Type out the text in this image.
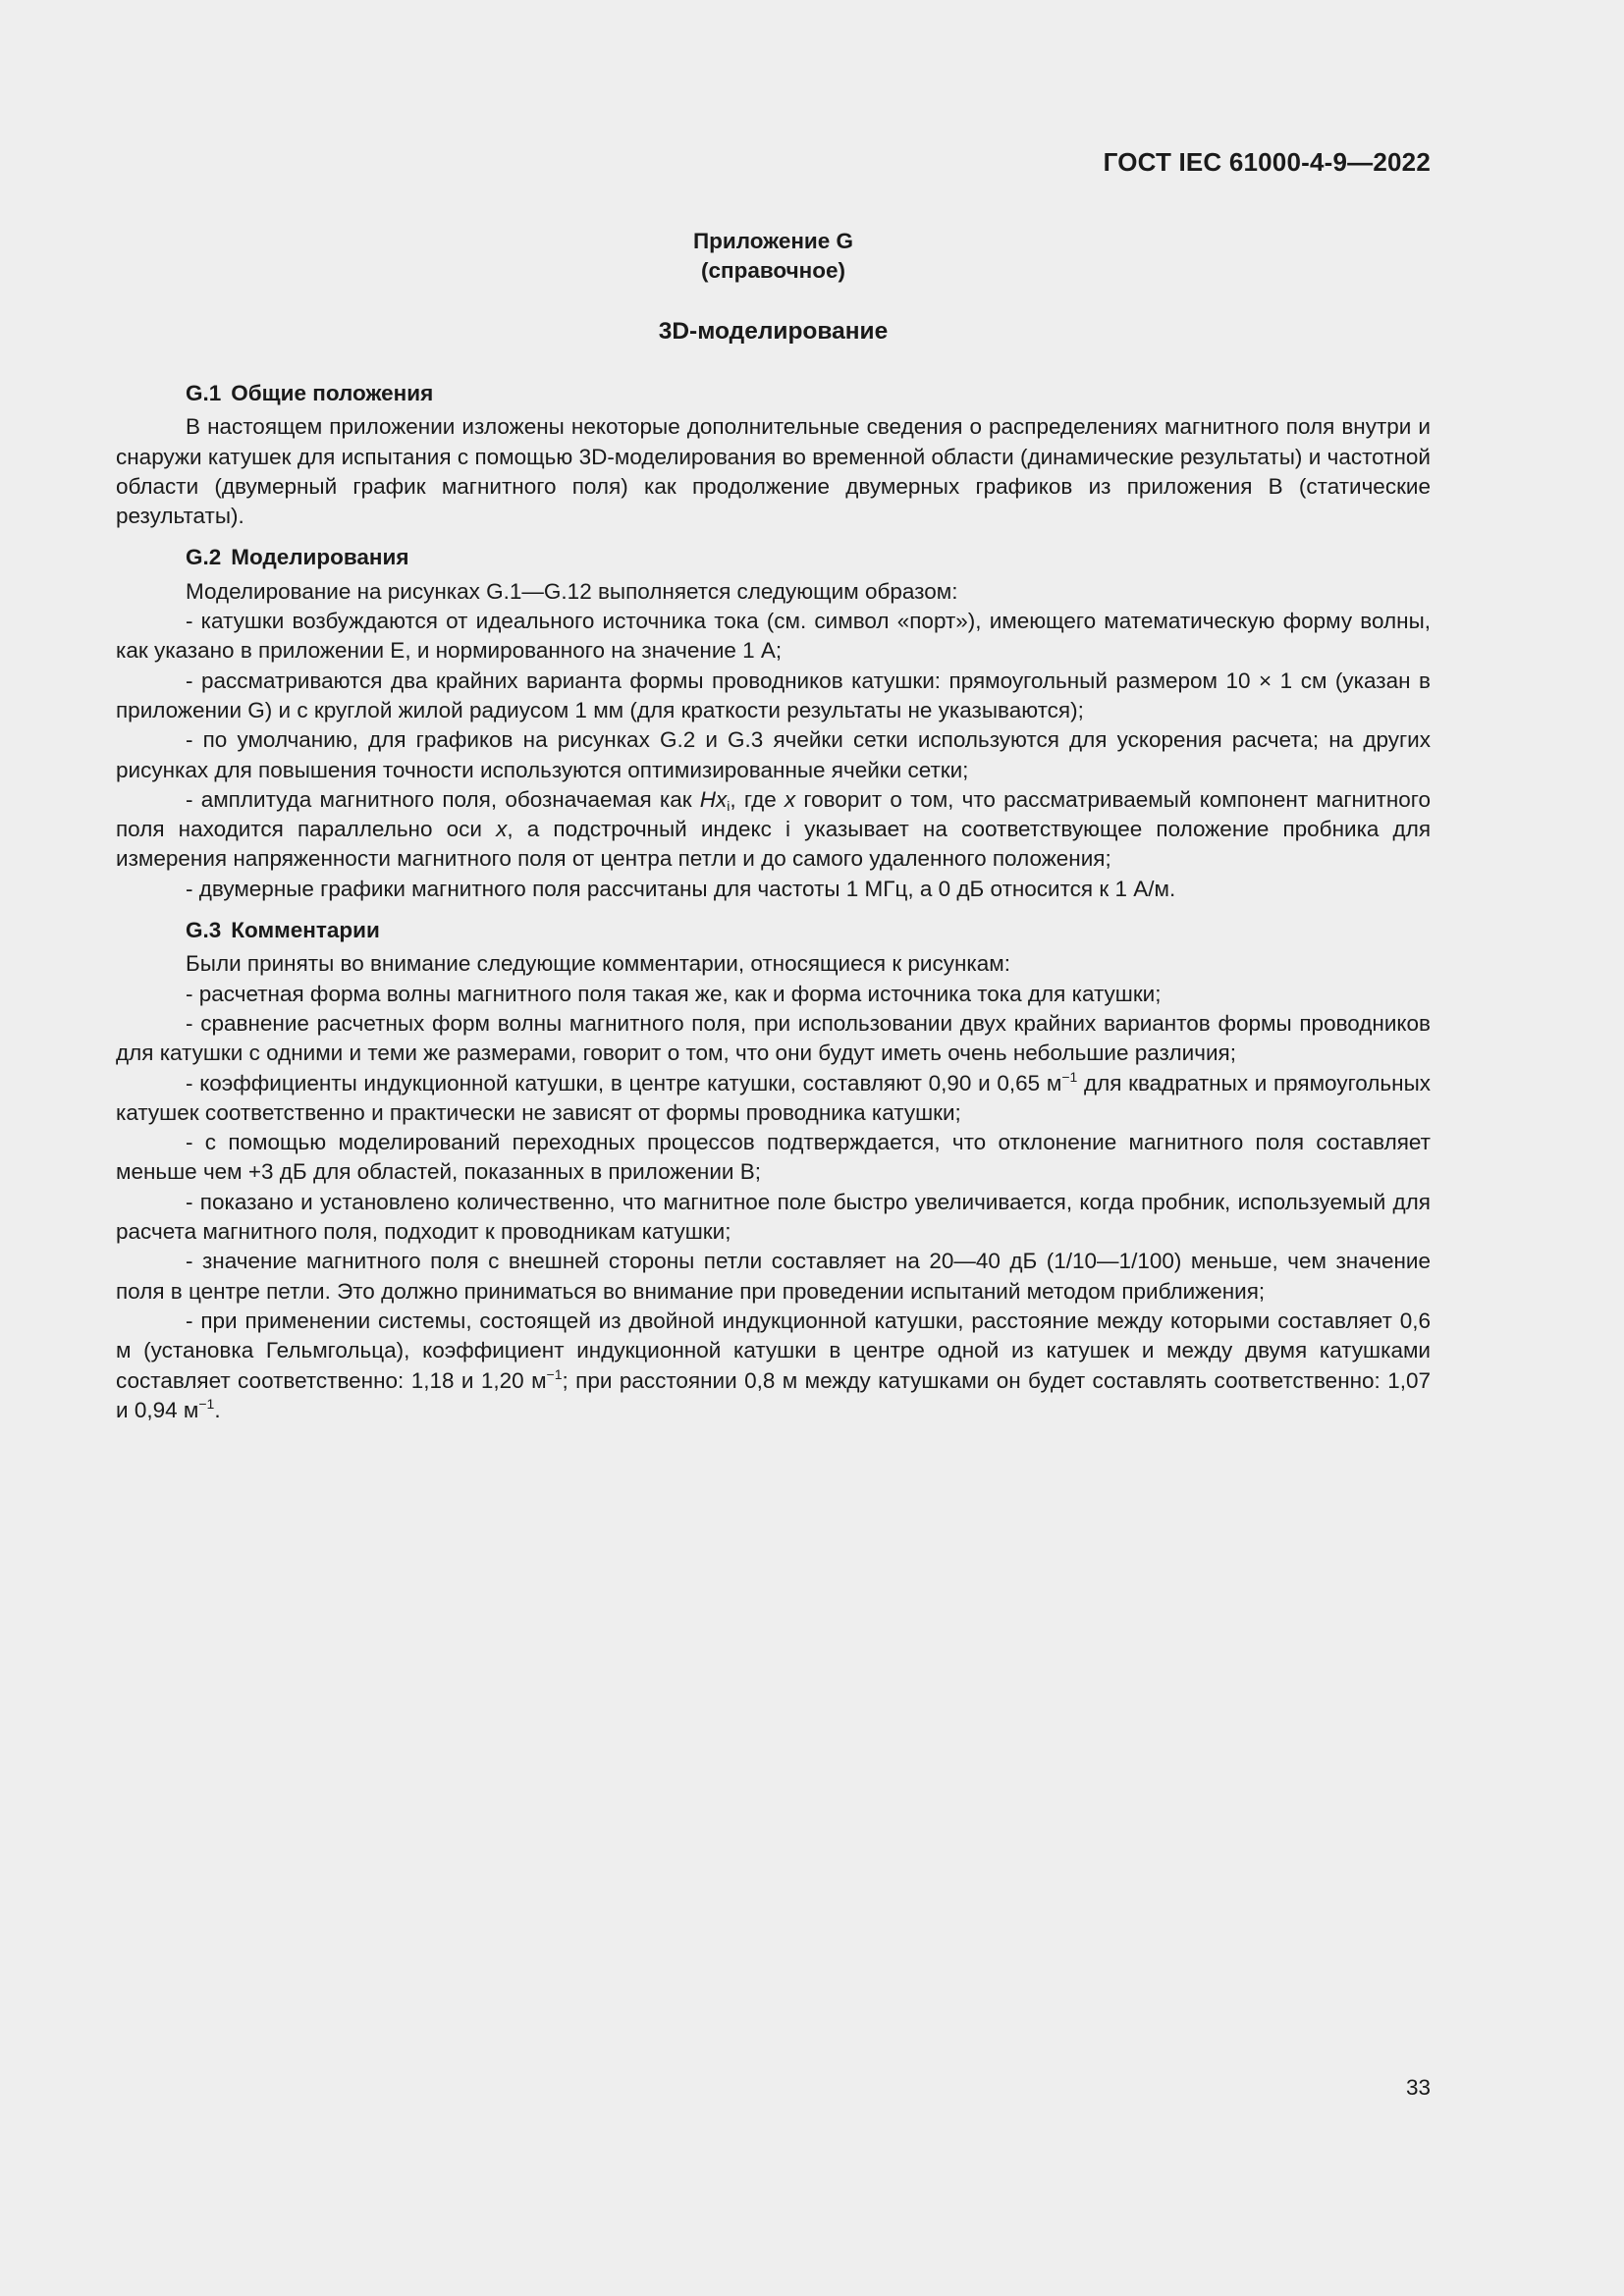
ГОСТ IEC 61000-4-9—2022
Приложение G
(справочное)
3D-моделирование
G.1 Общие положения

В настоящем приложении изложены некоторые дополнительные сведения о распределениях магнитного поля внутри и снаружи катушек для испытания с помощью 3D-моделирования во временной области (динамические результаты) и частотной области (двумерный график магнитного поля) как продолжение двумерных графиков из приложения B (статические результаты).

G.2 Моделирования

Моделирование на рисунках G.1—G.12 выполняется следующим образом:

- катушки возбуждаются от идеального источника тока (см. символ «порт»), имеющего математическую форму волны, как указано в приложении E, и нормированного на значение 1 А;

- рассматриваются два крайних варианта формы проводников катушки: прямоугольный размером 10 × 1 см (указан в приложении G) и с круглой жилой радиусом 1 мм (для краткости результаты не указываются);

- по умолчанию, для графиков на рисунках G.2 и G.3 ячейки сетки используются для ускорения расчета; на других рисунках для повышения точности используются оптимизированные ячейки сетки;

- амплитуда магнитного поля, обозначаемая как $Hx_i$, где x говорит о том, что рассматриваемый компонент магнитного поля находится параллельно оси x, а подстрочный индекс i указывает на соответствующее положение пробника для измерения напряженности магнитного поля от центра петли и до самого удаленного положения;

- двумерные графики магнитного поля рассчитаны для частоты 1 МГц, а 0 дБ относится к 1 А/м.

G.3 Комментарии

Были приняты во внимание следующие комментарии, относящиеся к рисункам:

- расчетная форма волны магнитного поля такая же, как и форма источника тока для катушки;

- сравнение расчетных форм волны магнитного поля, при использовании двух крайних вариантов формы проводников для катушки с одними и теми же размерами, говорит о том, что они будут иметь очень небольшие различия;

- коэффициенты индукционной катушки, в центре катушки, составляют 0,90 и 0,65 $м^{-1}$ для квадратных и прямоугольных катушек соответственно и практически не зависят от формы проводника катушки;

- с помощью моделирований переходных процессов подтверждается, что отклонение магнитного поля составляет меньше чем +3 дБ для областей, показанных в приложении B;

- показано и установлено количественно, что магнитное поле быстро увеличивается, когда пробник, используемый для расчета магнитного поля, подходит к проводникам катушки;

- значение магнитного поля с внешней стороны петли составляет на 20—40 дБ (1/10—1/100) меньше, чем значение поля в центре петли. Это должно приниматься во внимание при проведении испытаний методом приближения;

- при применении системы, состоящей из двойной индукционной катушки, расстояние между которыми составляет 0,6 м (установка Гельмгольца), коэффициент индукционной катушки в центре одной из катушек и между двумя катушками составляет соответственно: 1,18 и 1,20 $м^{-1}$; при расстоянии 0,8 м между катушками он будет составлять соответственно: 1,07 и 0,94 $м^{-1}$.

33
